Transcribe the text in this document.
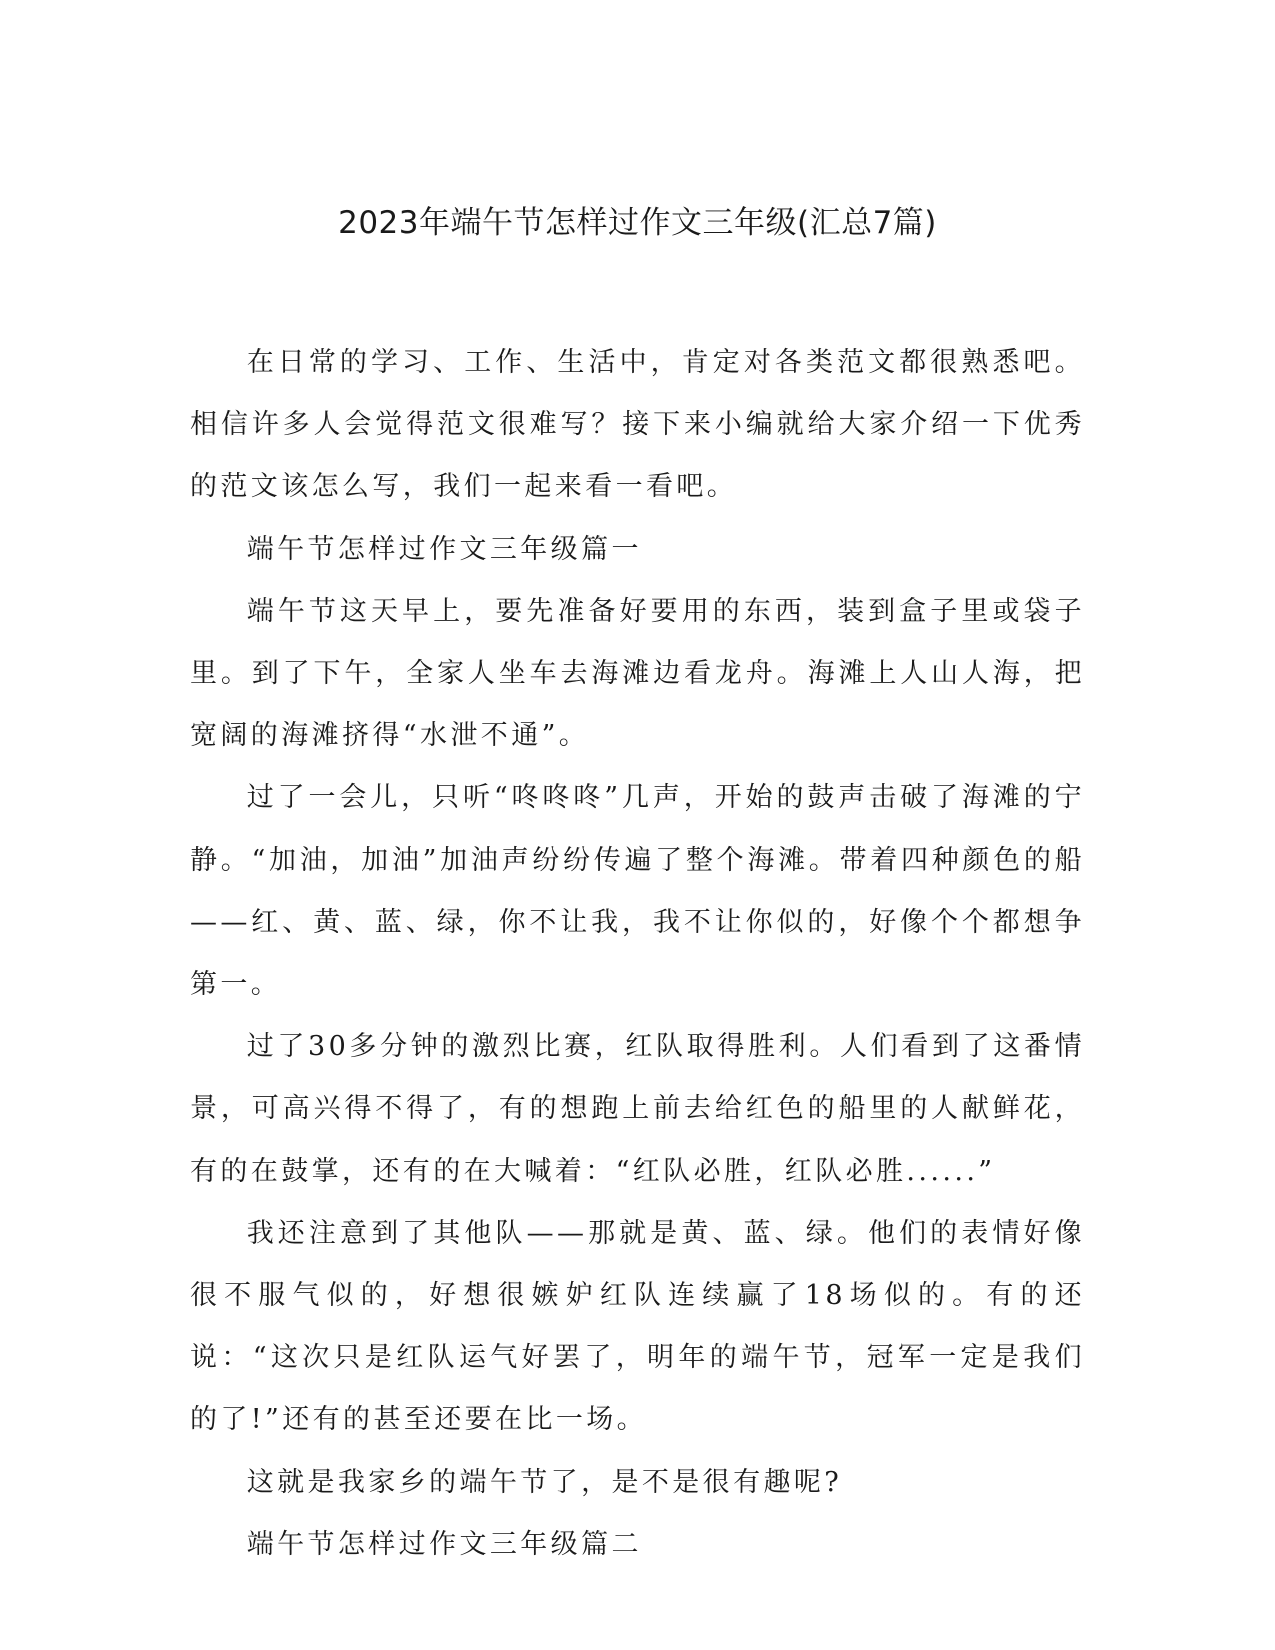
2023年端午节怎样过作文三年级(汇总7篇)

在日常的学习、工作、生活中，肯定对各类范文都很熟悉吧。相信许多人会觉得范文很难写？接下来小编就给大家介绍一下优秀的范文该怎么写，我们一起来看一看吧。

端午节怎样过作文三年级篇一

端午节这天早上，要先准备好要用的东西，装到盒子里或袋子里。到了下午，全家人坐车去海滩边看龙舟。海滩上人山人海，把宽阔的海滩挤得“水泄不通”。

过了一会儿，只听“咚咚咚”几声，开始的鼓声击破了海滩的宁静。“加油，加油”加油声纷纷传遍了整个海滩。带着四种颜色的船——红、黄、蓝、绿，你不让我，我不让你似的，好像个个都想争第一。

过了30多分钟的激烈比赛，红队取得胜利。人们看到了这番情景，可高兴得不得了，有的想跑上前去给红色的船里的人献鲜花，有的在鼓掌，还有的在大喊着：“红队必胜，红队必胜......”

我还注意到了其他队——那就是黄、蓝、绿。他们的表情好像很不服气似的，好想很嫉妒红队连续赢了18场似的。有的还说：“这次只是红队运气好罢了，明年的端午节，冠军一定是我们的了!”还有的甚至还要在比一场。

这就是我家乡的端午节了，是不是很有趣呢?

端午节怎样过作文三年级篇二
